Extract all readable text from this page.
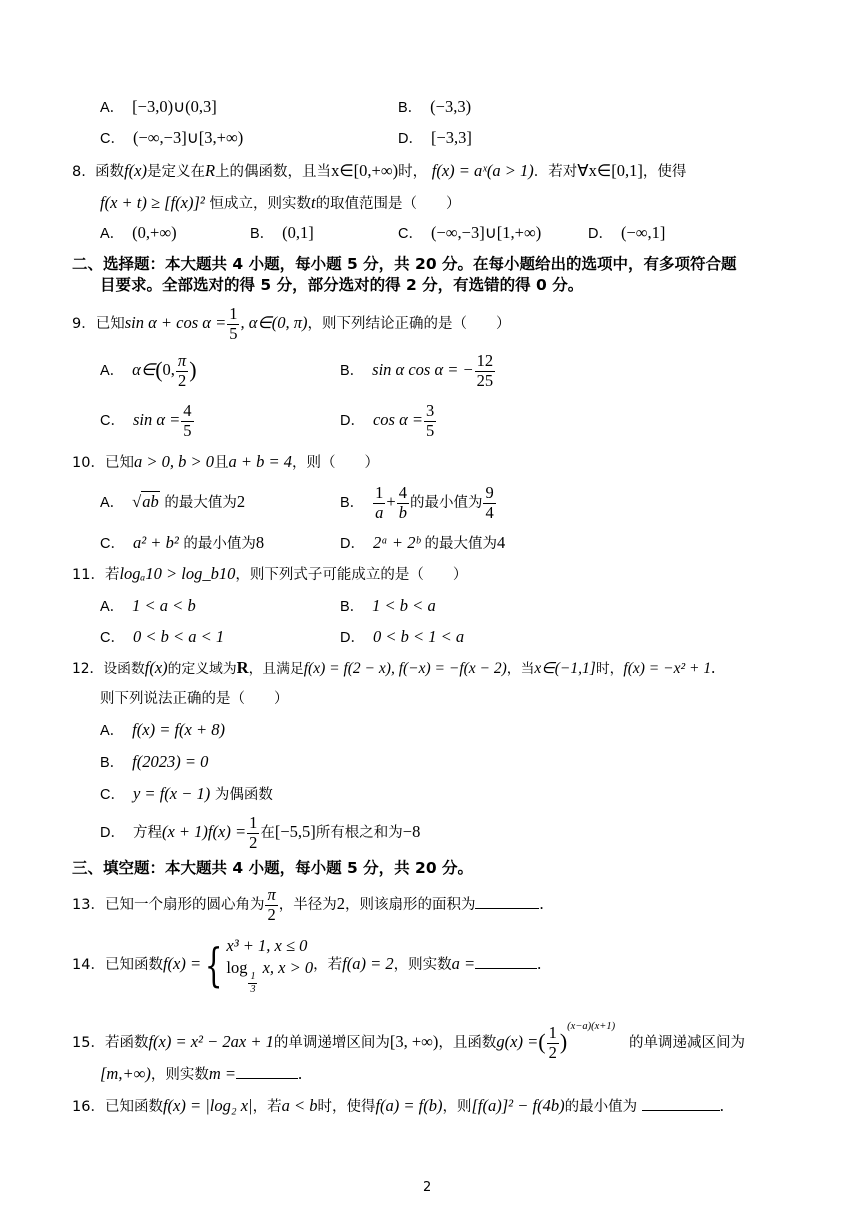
A． [−3,0)∪(0,3]	B． (−3,3)
C． (−∞,−3]∪[3,+∞)	D． [−3,3]
8. 函数f(x)是定义在R上的偶函数，且当x∈[0,+∞)时， f(x) = aˣ(a > 1)．若对∀x∈[0,1]，使得
f(x + t) ≥ [f(x)]² 恒成立，则实数t的取值范围是（　　）
A． (0,+∞)	B． (0,1]	C． (−∞,−3]∪[1,+∞)	D． (−∞,1]
二、选择题：本大题共 4 小题，每小题 5 分，共 20 分。在每小题给出的选项中，有多项符合题
目要求。全部选对的得 5 分，部分选对的得 2 分，有选错的得 0 分。
9．已知$\sin \alpha + \cos \alpha = \frac{1}{5}$ , α∈(0, π)，则下列结论正确的是（　　）
A． α∈(0, $\frac{\pi}{2}$ )	B． sin α cos α = − $\frac{12}{25}$
C． $\sin \alpha = \frac{4}{5}$	D． $\cos \alpha = \frac{3}{5}$
10．已知a > 0, b > 0且a + b = 4，则（　　）
A． √ab 的最大值为2	B． $\frac{1}{a} + \frac{4}{b}$ 的最小值为 $\frac{9}{4}$
C． a² + b² 的最小值为8	D． 2ᵃ + 2ᵇ 的最大值为4
11．若logₐ10 > log_b10，则下列式子可能成立的是（　　）
A． 1 < a < b	B． 1 < b < a
C． 0 < b < a < 1	D． 0 < b < 1 < a
12．设函数f(x)的定义域为R，且满足f(x) = f(2 − x), f(−x) = −f(x − 2)，当x∈(−1,1]时，f(x) = −x² + 1.
则下列说法正确的是（　　）
A． f(x) = f(x + 8)
B． f(2023) = 0
C． y = f(x − 1) 为偶函数
D． 方程$(x + 1)f(x) = \frac{1}{2}$ 在[−5,5]所有根之和为−8
三、填空题：本大题共 4 小题，每小题 5 分，共 20 分。
13．已知一个扇形的圆心角为 $\frac{\pi}{2}$ ，半径为2，则该扇形的面积为	.
14．已知函数f(x) = { x³ + 1, x ≤ 0
log
$\frac{1}{3}$
x, x > 0 ，若f(a) = 2，则实数a =	.
15．若函数f(x) = x² − 2ax + 1的单调递增区间为[3, +∞)，且函数g(x) =( $\frac{1}{2} )^{(x-a)(x+1)}$   的单调递减区间为
[m,+∞)，则实数m =	.
16．已知函数f(x) = |log₂ x|，若a < b时，使得f(a) = f(b)，则[f(a)]² − f(4b)的最小值为	.
2
